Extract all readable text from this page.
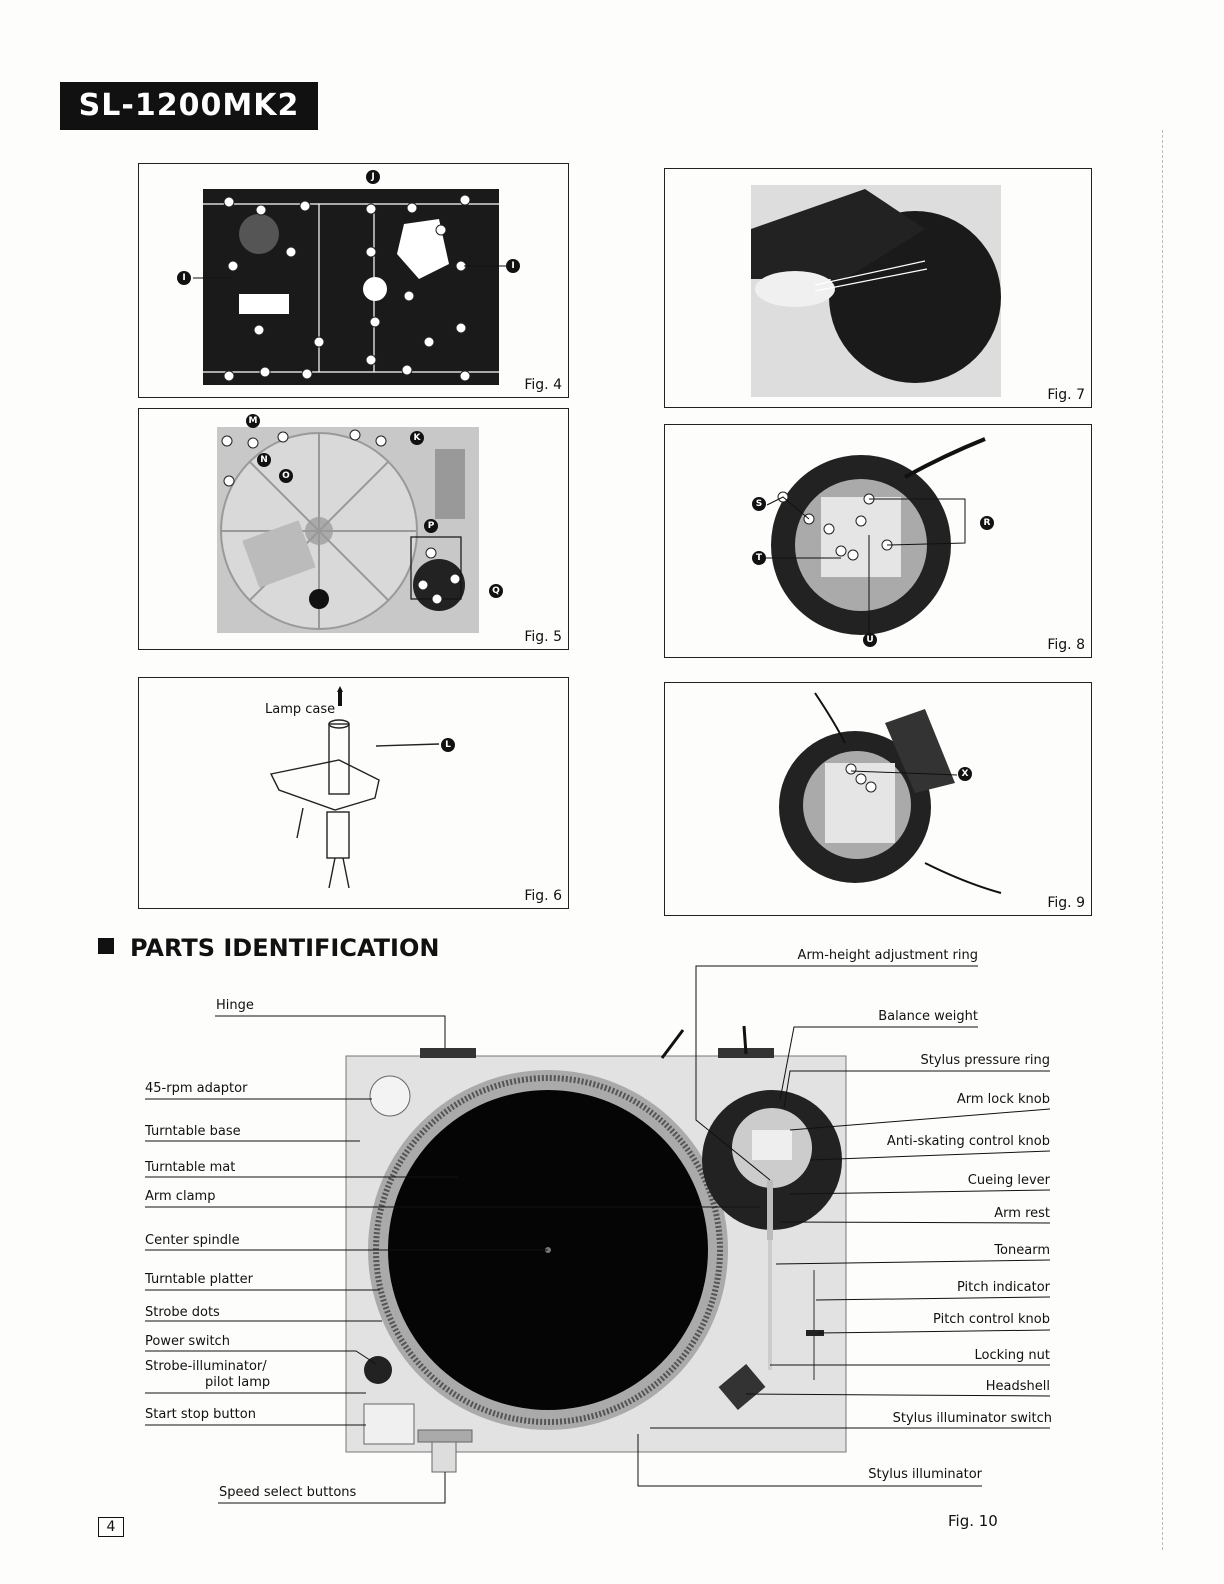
SL-1200MK2
J
I
I
Fig. 4
M
K
N
O
P
Q
Fig. 5
Lamp case
L
Fig. 6
Fig. 7
S
R
T
U	Fig. 8
X
Fig. 9
PARTS IDENTIFICATION
Hinge
45-rpm adaptor
Turntable base
Turntable mat
Arm clamp
Center spindle
Turntable platter
Strobe dots
Power switch
Strobe-illuminator/
pilot lamp
Start stop button
Speed select buttons
Arm-height adjustment ring
Balance weight
Stylus pressure ring
Arm lock knob
Anti-skating control knob
Cueing lever
Arm rest
Tonearm
Pitch indicator
Pitch control knob
Locking nut
Headshell
Stylus illuminator switch
Stylus illuminator
4	Fig. 10
